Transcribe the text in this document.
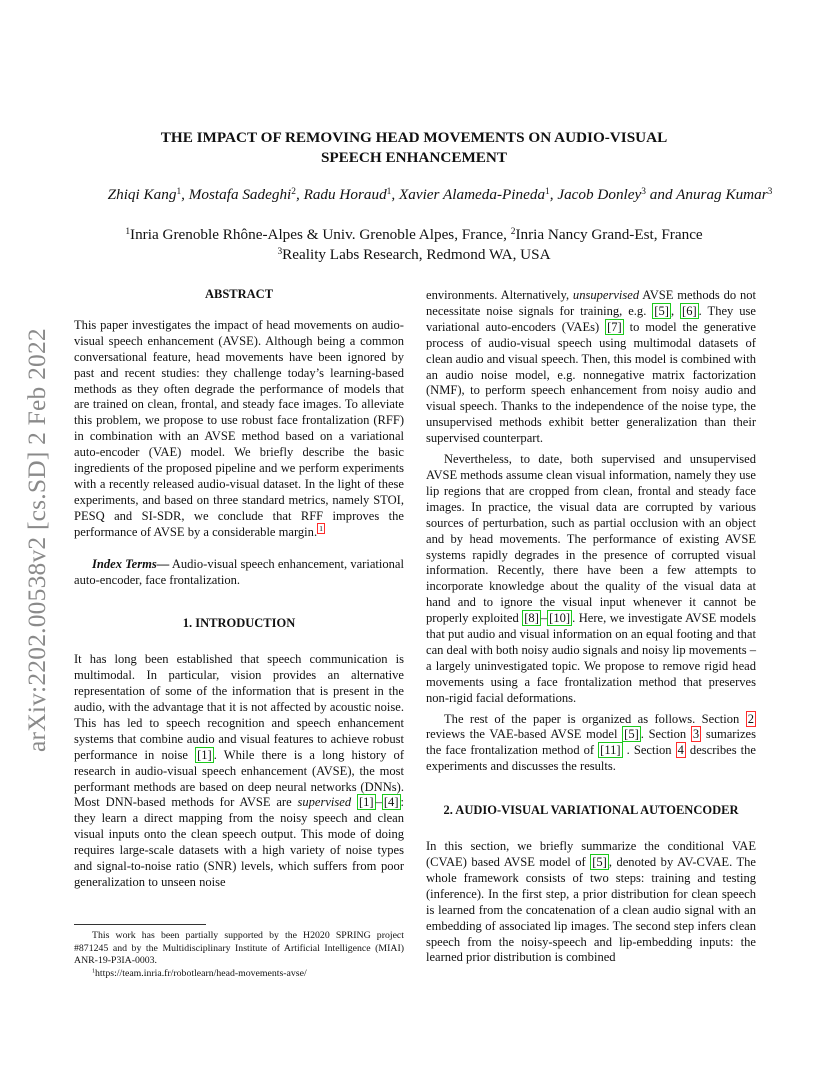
arXiv:2202.00538v2 [cs.SD] 2 Feb 2022
THE IMPACT OF REMOVING HEAD MOVEMENTS ON AUDIO-VISUAL
SPEECH ENHANCEMENT
Zhiqi Kang$^1$, Mostafa Sadeghi$^2$, Radu Horaud$^1$, Xavier Alameda-Pineda$^1$, Jacob Donley$^3$ and Anurag Kumar$^3$
$^1$Inria Grenoble Rhône-Alpes & Univ. Grenoble Alpes, France, $^2$Inria Nancy Grand-Est, France
$^3$Reality Labs Research, Redmond WA, USA
ABSTRACT

This paper investigates the impact of head movements on audio-visual speech enhancement (AVSE). Although being a common conversational feature, head movements have been ignored by past and recent studies: they challenge today’s learning-based methods as they often degrade the performance of models that are trained on clean, frontal, and steady face images. To alleviate this problem, we propose to use robust face frontalization (RFF) in combination with an AVSE method based on a variational auto-encoder (VAE) model. We briefly describe the basic ingredients of the proposed pipeline and we perform experiments with a recently released audio-visual dataset. In the light of these experiments, and based on three standard metrics, namely STOI, PESQ and SI-SDR, we conclude that RFF improves the performance of AVSE by a considerable margin. $^1$

Index Terms— Audio-visual speech enhancement, variational auto-encoder, face frontalization.

1. INTRODUCTION

It has long been established that speech communication is multimodal. In particular, vision provides an alternative representation of some of the information that is present in the audio, with the advantage that it is not affected by acoustic noise. This has led to speech recognition and speech enhancement systems that combine audio and visual features to achieve robust performance in noise [1] . While there is a long history of research in audio-visual speech enhancement (AVSE), the most performant methods are based on deep neural networks (DNNs). Most DNN-based methods for AVSE are supervised [1] – [4] : they learn a direct mapping from the noisy speech and clean visual inputs onto the clean speech output. This mode of doing requires large-scale datasets with a high variety of noise types and signal-to-noise ratio (SNR) levels, which suffers from poor generalization to unseen noise

This work has been partially supported by the H2020 SPRING project #871245 and by the Multidisciplinary Institute of Artificial Intelligence (MIAI) ANR-19-P3IA-0003.

$^1$https://team.inria.fr/robotlearn/head-movements-avse/

environments. Alternatively, unsupervised AVSE methods do not necessitate noise signals for training, e.g. [5] , [6] . They use variational auto-encoders (VAEs) [7] to model the generative process of audio-visual speech using multimodal datasets of clean audio and visual speech. Then, this model is combined with an audio noise model, e.g. nonnegative matrix factorization (NMF), to perform speech enhancement from noisy audio and visual speech. Thanks to the independence of the noise type, the unsupervised methods exhibit better generalization than their supervised counterpart.

Nevertheless, to date, both supervised and unsupervised AVSE methods assume clean visual information, namely they use lip regions that are cropped from clean, frontal and steady face images. In practice, the visual data are corrupted by various sources of perturbation, such as partial occlusion with an object and by head movements. The performance of existing AVSE systems rapidly degrades in the presence of corrupted visual information. Recently, there have been a few attempts to incorporate knowledge about the quality of the visual data at hand and to ignore the visual input whenever it cannot be properly exploited [8] – [10] . Here, we investigate AVSE models that put audio and visual information on an equal footing and that can deal with both noisy audio signals and noisy lip movements – a largely uninvestigated topic. We propose to remove rigid head movements using a face frontalization method that preserves non-rigid facial deformations.

The rest of the paper is organized as follows. Section 2 reviews the VAE-based AVSE model [5] . Section 3 sumarizes the face frontalization method of [11] . Section 4 describes the experiments and discusses the results.

2. AUDIO-VISUAL VARIATIONAL AUTOENCODER

In this section, we briefly summarize the conditional VAE (CVAE) based AVSE model of [5] , denoted by AV-CVAE. The whole framework consists of two steps: training and testing (inference). In the first step, a prior distribution for clean speech is learned from the concatenation of a clean audio signal with an embedding of associated lip images. The second step infers clean speech from the noisy-speech and lip-embedding inputs: the learned prior distribution is combined
